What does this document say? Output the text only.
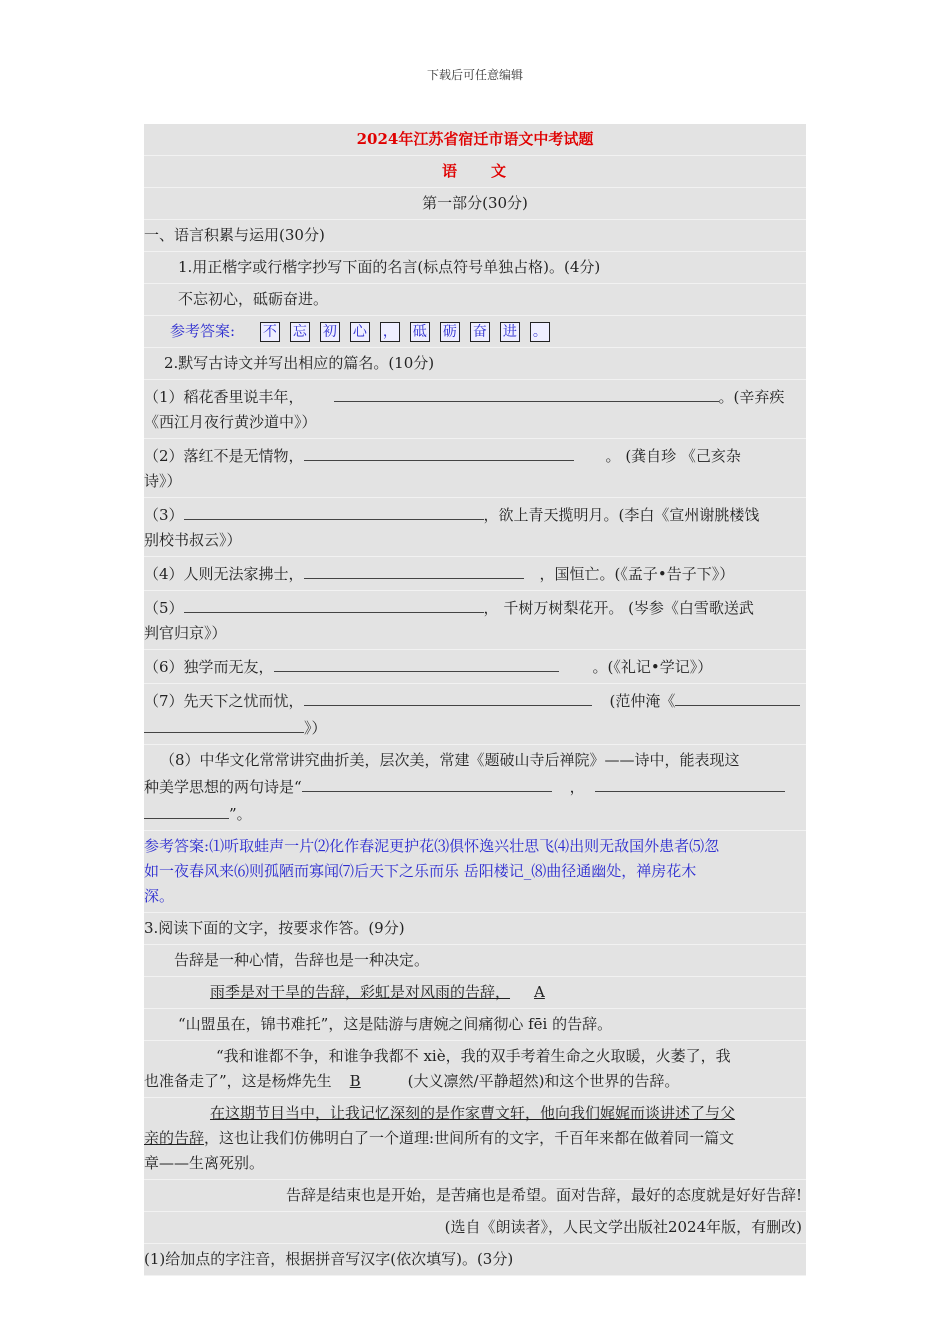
下载后可任意编辑
2024年江苏省宿迁市语文中考试题
语 文
第一部分(30分)
一、语言积累与运用(30分)
1.用正楷字或行楷字抄写下面的名言(标点符号单独占格)。(4分)
不忘初心，砥砺奋进。
参考答案: 不 忘 初 心 ， 砥 砺 奋 进 。
2.默写古诗文并写出相应的篇名。(10分)
（1）稻花香里说丰年，	。(辛弃疾
《西江月夜行黄沙道中》）
（2）落红不是无情物，	。 (龚自珍 《己亥杂
诗》）
（3）	，欲上青天揽明月。(李白《宣州谢朓楼饯
别校书叔云》）
（4）人则无法家拂士，	，国恒亡。(《孟子•告子下》）
（5）	， 千树万树梨花开。 (岑参《白雪歌送武
判官归京》）
（6）独学而无友，	。(《礼记•学记》）
（7）先天下之忧而忧，	(范仲淹《
》）
（8）中华文化常常讲究曲折美，层次美，常建《题破山寺后禅院》——诗中，能表现这
种美学思想的两句诗是“	，
”。
参考答案:⑴听取蛙声一片⑵化作春泥更护花⑶俱怀逸兴壮思飞⑷出则无敌国外患者⑸忽
如一夜春风来⑹则孤陋而寡闻⑺后天下之乐而乐 岳阳楼记_⑻曲径通幽处，禅房花木
深。
3.阅读下面的文字，按要求作答。(9分)
告辞是一种心情，告辞也是一种决定。
雨季是对干旱的告辞，彩虹是对风雨的告辞， A
“山盟虽在，锦书难托”，这是陆游与唐婉之间痛彻心 fēi 的告辞。
“我和谁都不争，和谁争我都不 xiè，我的双手考着生命之火取暖，火萎了，我
也准备走了”，这是杨烨先生 B	(大义凛然/平静超然)和这个世界的告辞。
在这期节目当中，让我记忆深刻的是作家曹文轩，他向我们娓娓而谈讲述了与父
亲的告辞，这也让我们仿佛明白了一个道理:世间所有的文字，千百年来都在做着同一篇文
章——生离死别。
告辞是结束也是开始，是苦痛也是希望。面对告辞，最好的态度就是好好告辞!
(选自《朗读者》，人民文学出版社2024年版，有删改)
(1)给加点的字注音，根据拼音写汉字(依次填写)。(3分)
